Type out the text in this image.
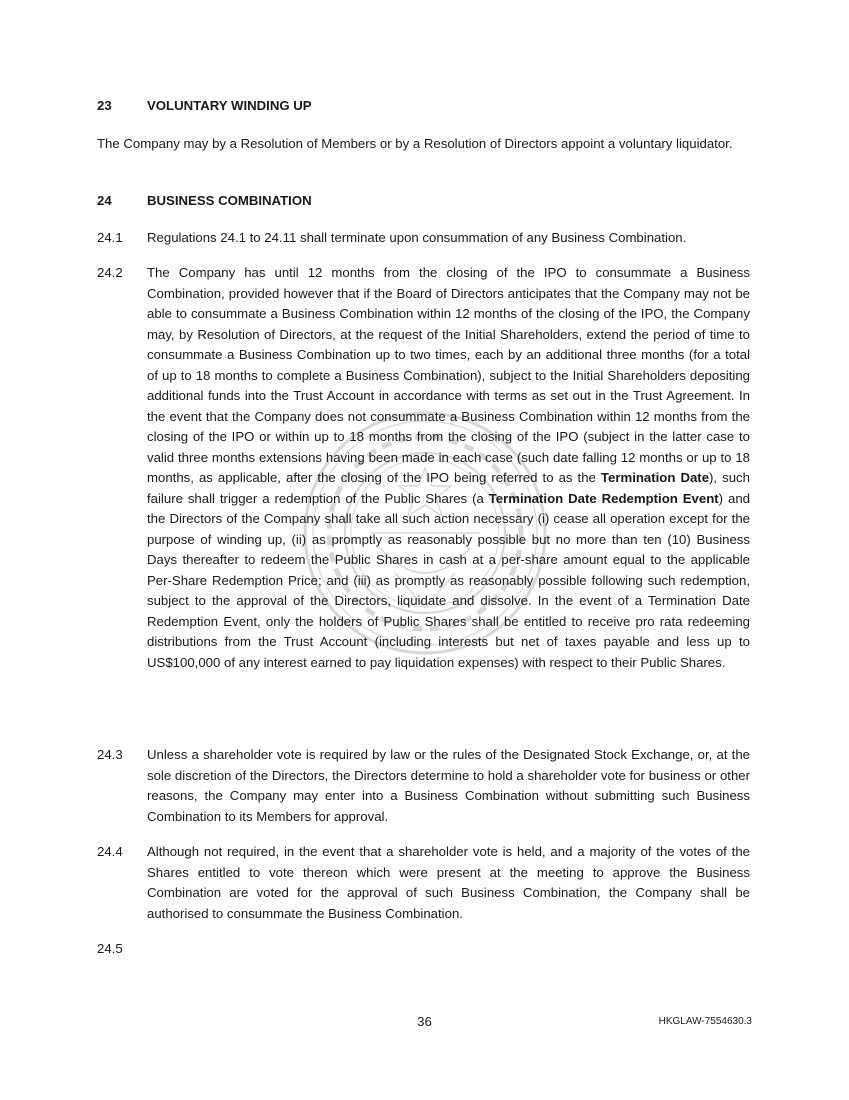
23	VOLUNTARY WINDING UP
The Company may by a Resolution of Members or by a Resolution of Directors appoint a voluntary liquidator.
24	BUSINESS COMBINATION
24.1	Regulations 24.1 to 24.11 shall terminate upon consummation of any Business Combination.
24.2	The Company has until 12 months from the closing of the IPO to consummate a Business Combination, provided however that if the Board of Directors anticipates that the Company may not be able to consummate a Business Combination within 12 months of the closing of the IPO, the Company may, by Resolution of Directors, at the request of the Initial Shareholders, extend the period of time to consummate a Business Combination up to two times, each by an additional three months (for a total of up to 18 months to complete a Business Combination), subject to the Initial Shareholders depositing additional funds into the Trust Account in accordance with terms as set out in the Trust Agreement. In the event that the Company does not consummate a Business Combination within 12 months from the closing of the IPO or within up to 18 months from the closing of the IPO (subject in the latter case to valid three months extensions having been made in each case (such date falling 12 months or up to 18 months, as applicable, after the closing of the IPO being referred to as the Termination Date), such failure shall trigger a redemption of the Public Shares (a Termination Date Redemption Event) and the Directors of the Company shall take all such action necessary (i) cease all operation except for the purpose of winding up, (ii) as promptly as reasonably possible but no more than ten (10) Business Days thereafter to redeem the Public Shares in cash at a per-share amount equal to the applicable Per-Share Redemption Price; and (iii) as promptly as reasonably possible following such redemption, subject to the approval of the Directors, liquidate and dissolve. In the event of a Termination Date Redemption Event, only the holders of Public Shares shall be entitled to receive pro rata redeeming distributions from the Trust Account (including interests but net of taxes payable and less up to US$100,000 of any interest earned to pay liquidation expenses) with respect to their Public Shares.
24.3	Unless a shareholder vote is required by law or the rules of the Designated Stock Exchange, or, at the sole discretion of the Directors, the Directors determine to hold a shareholder vote for business or other reasons, the Company may enter into a Business Combination without submitting such Business Combination to its Members for approval.
24.4	Although not required, in the event that a shareholder vote is held, and a majority of the votes of the Shares entitled to vote thereon which were present at the meeting to approve the Business Combination are voted for the approval of such Business Combination, the Company shall be authorised to consummate the Business Combination.
24.5
36	HKGLAW-7554630.3
